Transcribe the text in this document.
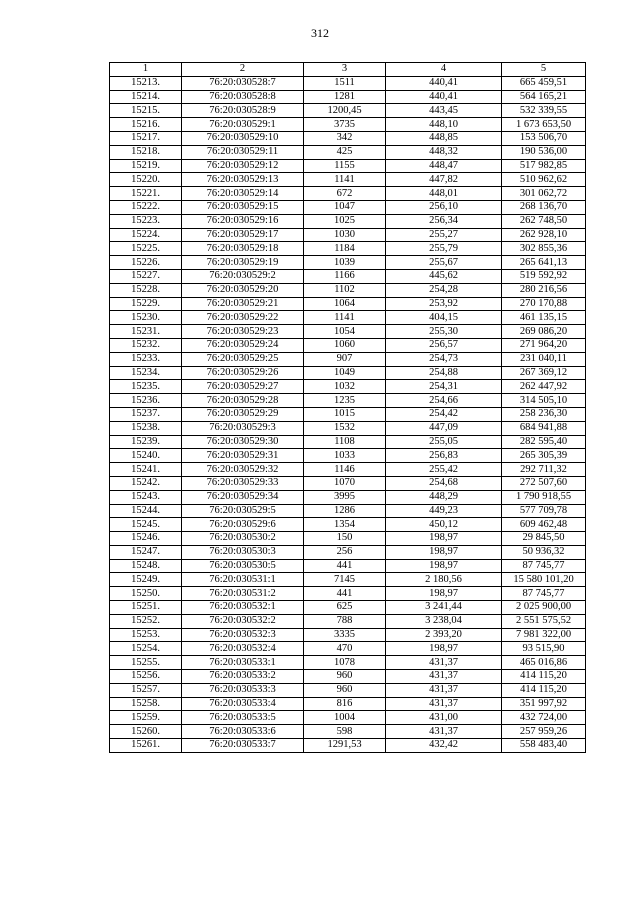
312
1	2	3	4	5
15213.	76:20:030528:7	1511	440,41	665 459,51
15214.	76:20:030528:8	1281	440,41	564 165,21
15215.	76:20:030528:9	1200,45	443,45	532 339,55
15216.	76:20:030529:1	3735	448,10	1 673 653,50
15217.	76:20:030529:10	342	448,85	153 506,70
15218.	76:20:030529:11	425	448,32	190 536,00
15219.	76:20:030529:12	1155	448,47	517 982,85
15220.	76:20:030529:13	1141	447,82	510 962,62
15221.	76:20:030529:14	672	448,01	301 062,72
15222.	76:20:030529:15	1047	256,10	268 136,70
15223.	76:20:030529:16	1025	256,34	262 748,50
15224.	76:20:030529:17	1030	255,27	262 928,10
15225.	76:20:030529:18	1184	255,79	302 855,36
15226.	76:20:030529:19	1039	255,67	265 641,13
15227.	76:20:030529:2	1166	445,62	519 592,92
15228.	76:20:030529:20	1102	254,28	280 216,56
15229.	76:20:030529:21	1064	253,92	270 170,88
15230.	76:20:030529:22	1141	404,15	461 135,15
15231.	76:20:030529:23	1054	255,30	269 086,20
15232.	76:20:030529:24	1060	256,57	271 964,20
15233.	76:20:030529:25	907	254,73	231 040,11
15234.	76:20:030529:26	1049	254,88	267 369,12
15235.	76:20:030529:27	1032	254,31	262 447,92
15236.	76:20:030529:28	1235	254,66	314 505,10
15237.	76:20:030529:29	1015	254,42	258 236,30
15238.	76:20:030529:3	1532	447,09	684 941,88
15239.	76:20:030529:30	1108	255,05	282 595,40
15240.	76:20:030529:31	1033	256,83	265 305,39
15241.	76:20:030529:32	1146	255,42	292 711,32
15242.	76:20:030529:33	1070	254,68	272 507,60
15243.	76:20:030529:34	3995	448,29	1 790 918,55
15244.	76:20:030529:5	1286	449,23	577 709,78
15245.	76:20:030529:6	1354	450,12	609 462,48
15246.	76:20:030530:2	150	198,97	29 845,50
15247.	76:20:030530:3	256	198,97	50 936,32
15248.	76:20:030530:5	441	198,97	87 745,77
15249.	76:20:030531:1	7145	2 180,56	15 580 101,20
15250.	76:20:030531:2	441	198,97	87 745,77
15251.	76:20:030532:1	625	3 241,44	2 025 900,00
15252.	76:20:030532:2	788	3 238,04	2 551 575,52
15253.	76:20:030532:3	3335	2 393,20	7 981 322,00
15254.	76:20:030532:4	470	198,97	93 515,90
15255.	76:20:030533:1	1078	431,37	465 016,86
15256.	76:20:030533:2	960	431,37	414 115,20
15257.	76:20:030533:3	960	431,37	414 115,20
15258.	76:20:030533:4	816	431,37	351 997,92
15259.	76:20:030533:5	1004	431,00	432 724,00
15260.	76:20:030533:6	598	431,37	257 959,26
15261.	76:20:030533:7	1291,53	432,42	558 483,40
